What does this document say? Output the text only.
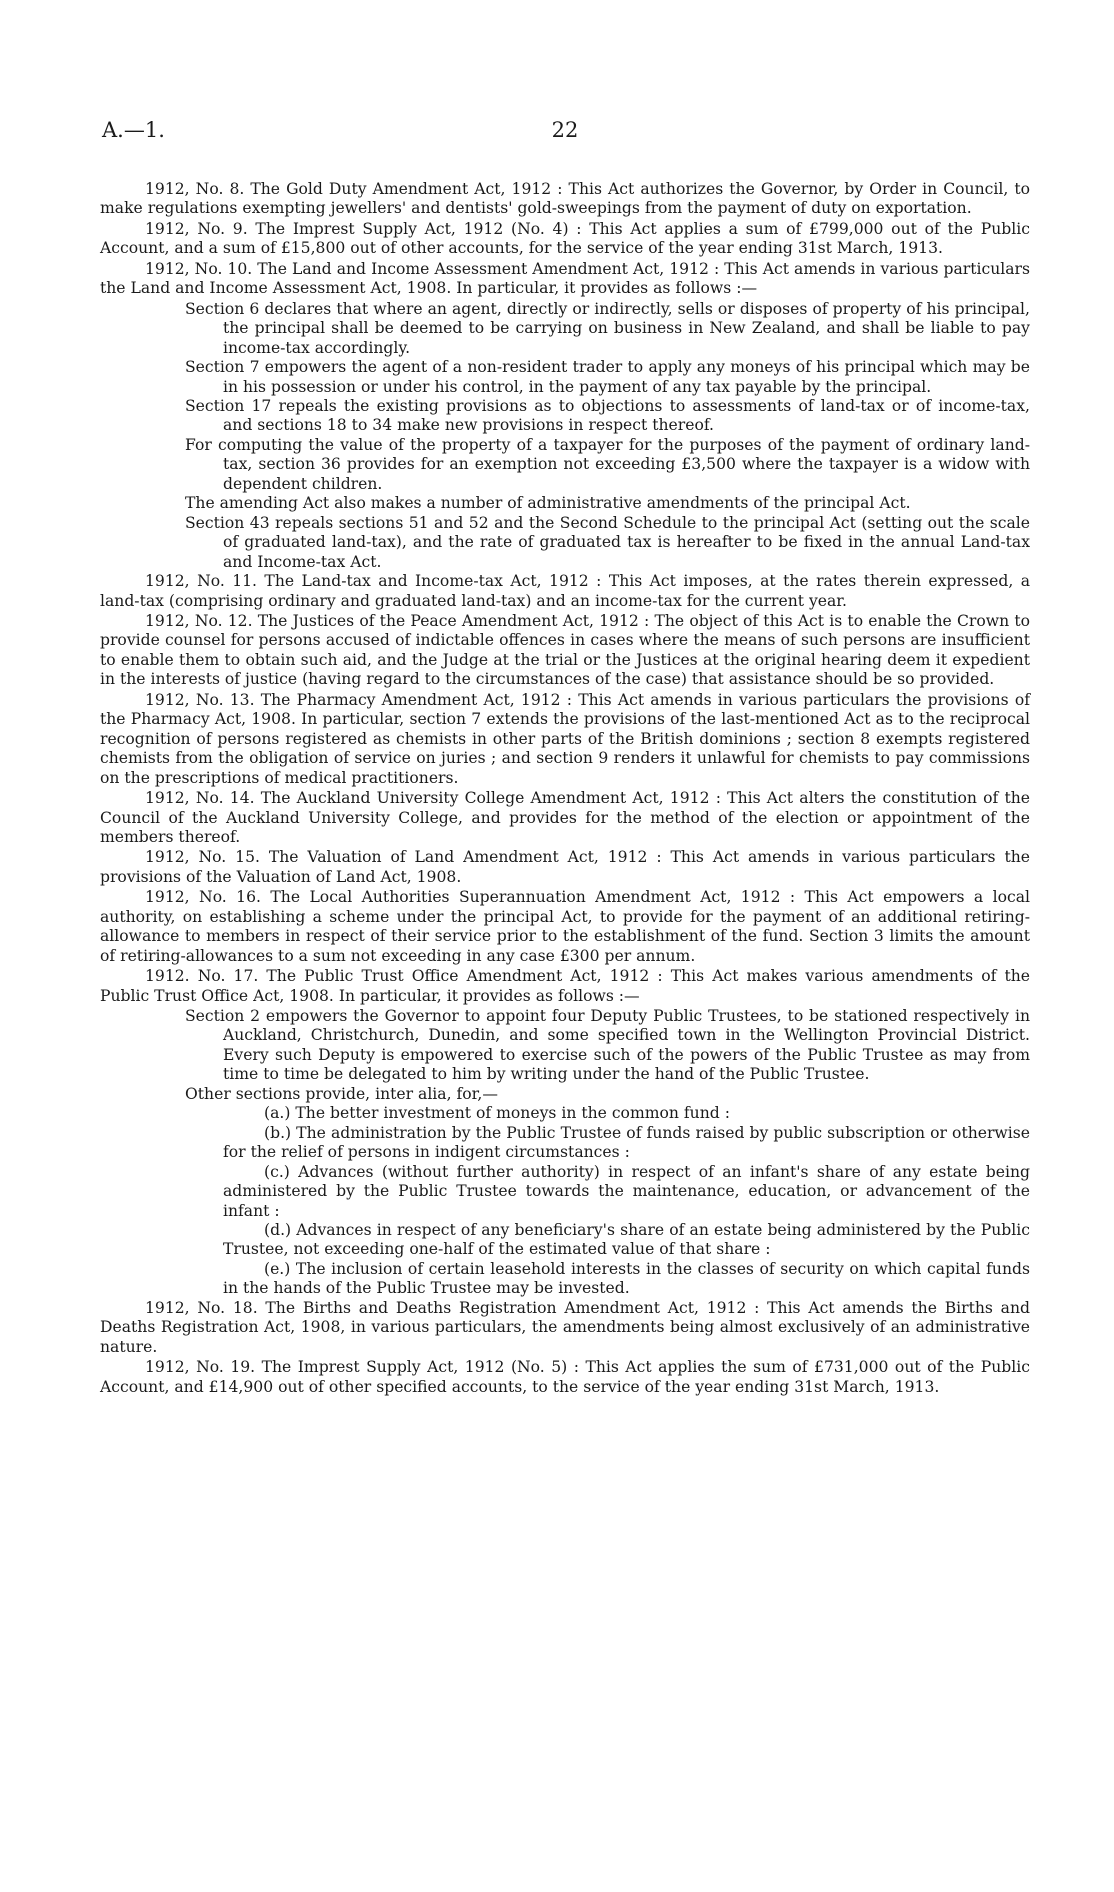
A.—1.	22

1912, No. 8. The Gold Duty Amendment Act, 1912 : This Act authorizes the Governor, by Order in Council, to make regulations exempting jewellers' and dentists' gold-sweepings from the payment of duty on exportation.

1912, No. 9. The Imprest Supply Act, 1912 (No. 4) : This Act applies a sum of £799,000 out of the Public Account, and a sum of £15,800 out of other accounts, for the service of the year ending 31st March, 1913.

1912, No. 10. The Land and Income Assessment Amendment Act, 1912 : This Act amends in various particulars the Land and Income Assessment Act, 1908. In particular, it provides as follows :—

Section 6 declares that where an agent, directly or indirectly, sells or disposes of property of his principal, the principal shall be deemed to be carrying on business in New Zealand, and shall be liable to pay income-tax accordingly.

Section 7 empowers the agent of a non-resident trader to apply any moneys of his principal which may be in his possession or under his control, in the payment of any tax payable by the principal.

Section 17 repeals the existing provisions as to objections to assessments of land-tax or of income-tax, and sections 18 to 34 make new provisions in respect thereof.

For computing the value of the property of a taxpayer for the purposes of the payment of ordinary land-tax, section 36 provides for an exemption not exceeding £3,500 where the taxpayer is a widow with dependent children.

The amending Act also makes a number of administrative amendments of the principal Act.

Section 43 repeals sections 51 and 52 and the Second Schedule to the principal Act (setting out the scale of graduated land-tax), and the rate of graduated tax is hereafter to be fixed in the annual Land-tax and Income-tax Act.

1912, No. 11. The Land-tax and Income-tax Act, 1912 : This Act imposes, at the rates therein expressed, a land-tax (comprising ordinary and graduated land-tax) and an income-tax for the current year.

1912, No. 12. The Justices of the Peace Amendment Act, 1912 : The object of this Act is to enable the Crown to provide counsel for persons accused of indictable offences in cases where the means of such persons are insufficient to enable them to obtain such aid, and the Judge at the trial or the Justices at the original hearing deem it expedient in the interests of justice (having regard to the circumstances of the case) that assistance should be so provided.

1912, No. 13. The Pharmacy Amendment Act, 1912 : This Act amends in various particulars the provisions of the Pharmacy Act, 1908. In particular, section 7 extends the provisions of the last-mentioned Act as to the reciprocal recognition of persons registered as chemists in other parts of the British dominions ; section 8 exempts registered chemists from the obligation of service on juries ; and section 9 renders it unlawful for chemists to pay commissions on the prescriptions of medical practitioners.

1912, No. 14. The Auckland University College Amendment Act, 1912 : This Act alters the constitution of the Council of the Auckland University College, and provides for the method of the election or appointment of the members thereof.

1912, No. 15. The Valuation of Land Amendment Act, 1912 : This Act amends in various particulars the provisions of the Valuation of Land Act, 1908.

1912, No. 16. The Local Authorities Superannuation Amendment Act, 1912 : This Act empowers a local authority, on establishing a scheme under the principal Act, to provide for the payment of an additional retiring-allowance to members in respect of their service prior to the establishment of the fund. Section 3 limits the amount of retiring-allowances to a sum not exceeding in any case £300 per annum.

1912. No. 17. The Public Trust Office Amendment Act, 1912 : This Act makes various amendments of the Public Trust Office Act, 1908. In particular, it provides as follows :—

Section 2 empowers the Governor to appoint four Deputy Public Trustees, to be stationed respectively in Auckland, Christchurch, Dunedin, and some specified town in the Wellington Provincial District. Every such Deputy is empowered to exercise such of the powers of the Public Trustee as may from time to time be delegated to him by writing under the hand of the Public Trustee.

Other sections provide, inter alia, for,—

(a.) The better investment of moneys in the common fund :

(b.) The administration by the Public Trustee of funds raised by public subscription or otherwise for the relief of persons in indigent circumstances :

(c.) Advances (without further authority) in respect of an infant's share of any estate being administered by the Public Trustee towards the maintenance, education, or advancement of the infant :

(d.) Advances in respect of any beneficiary's share of an estate being administered by the Public Trustee, not exceeding one-half of the estimated value of that share :

(e.) The inclusion of certain leasehold interests in the classes of security on which capital funds in the hands of the Public Trustee may be invested.

1912, No. 18. The Births and Deaths Registration Amendment Act, 1912 : This Act amends the Births and Deaths Registration Act, 1908, in various particulars, the amendments being almost exclusively of an administrative nature.

1912, No. 19. The Imprest Supply Act, 1912 (No. 5) : This Act applies the sum of £731,000 out of the Public Account, and £14,900 out of other specified accounts, to the service of the year ending 31st March, 1913.
